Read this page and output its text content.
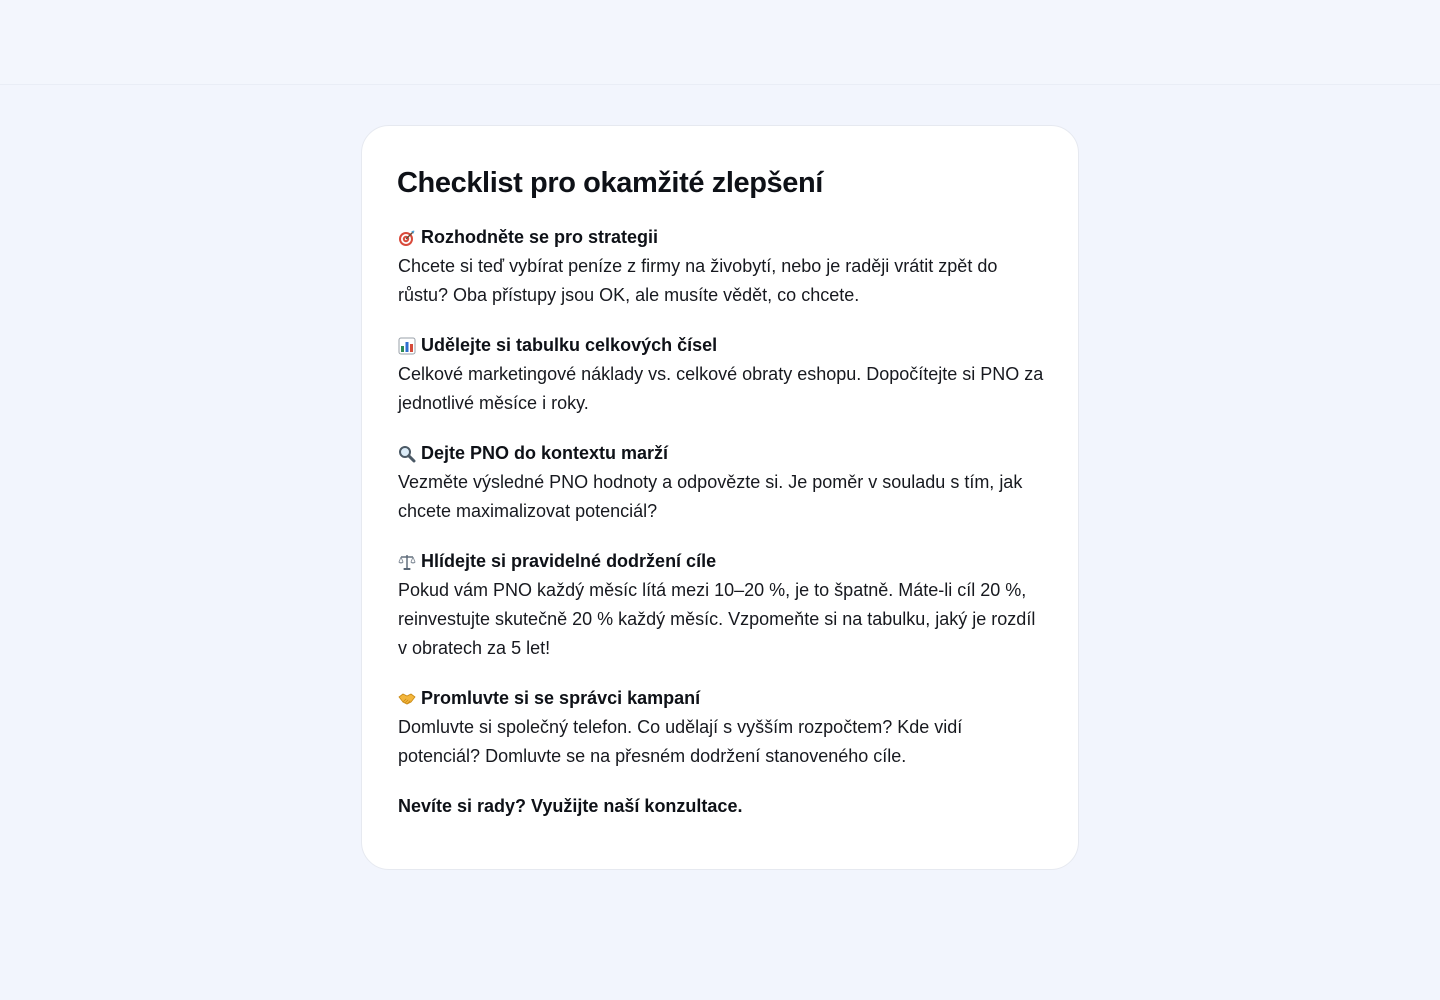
Checklist pro okamžité zlepšení
Rozhodněte se pro strategii

Chcete si teď vybírat peníze z firmy na živobytí, nebo je raději vrátit zpět do růstu? Oba přístupy jsou OK, ale musíte vědět, co chcete.

Udělejte si tabulku celkových čísel

Celkové marketingové náklady vs. celkové obraty eshopu. Dopočítejte si PNO za jednotlivé měsíce i roky.

Dejte PNO do kontextu marží

Vezměte výsledné PNO hodnoty a odpovězte si. Je poměr v souladu s tím, jak chcete maximalizovat potenciál?

Hlídejte si pravidelné dodržení cíle

Pokud vám PNO každý měsíc lítá mezi 10–20 %, je to špatně. Máte-li cíl 20 %, reinvestujte skutečně 20 % každý měsíc. Vzpomeňte si na tabulku, jaký je rozdíl v obratech za 5 let!

Promluvte si se správci kampaní

Domluvte si společný telefon. Co udělají s vyšším rozpočtem? Kde vidí potenciál? Domluvte se na přesném dodržení stanoveného cíle.

Nevíte si rady? Využijte naší konzultace.
